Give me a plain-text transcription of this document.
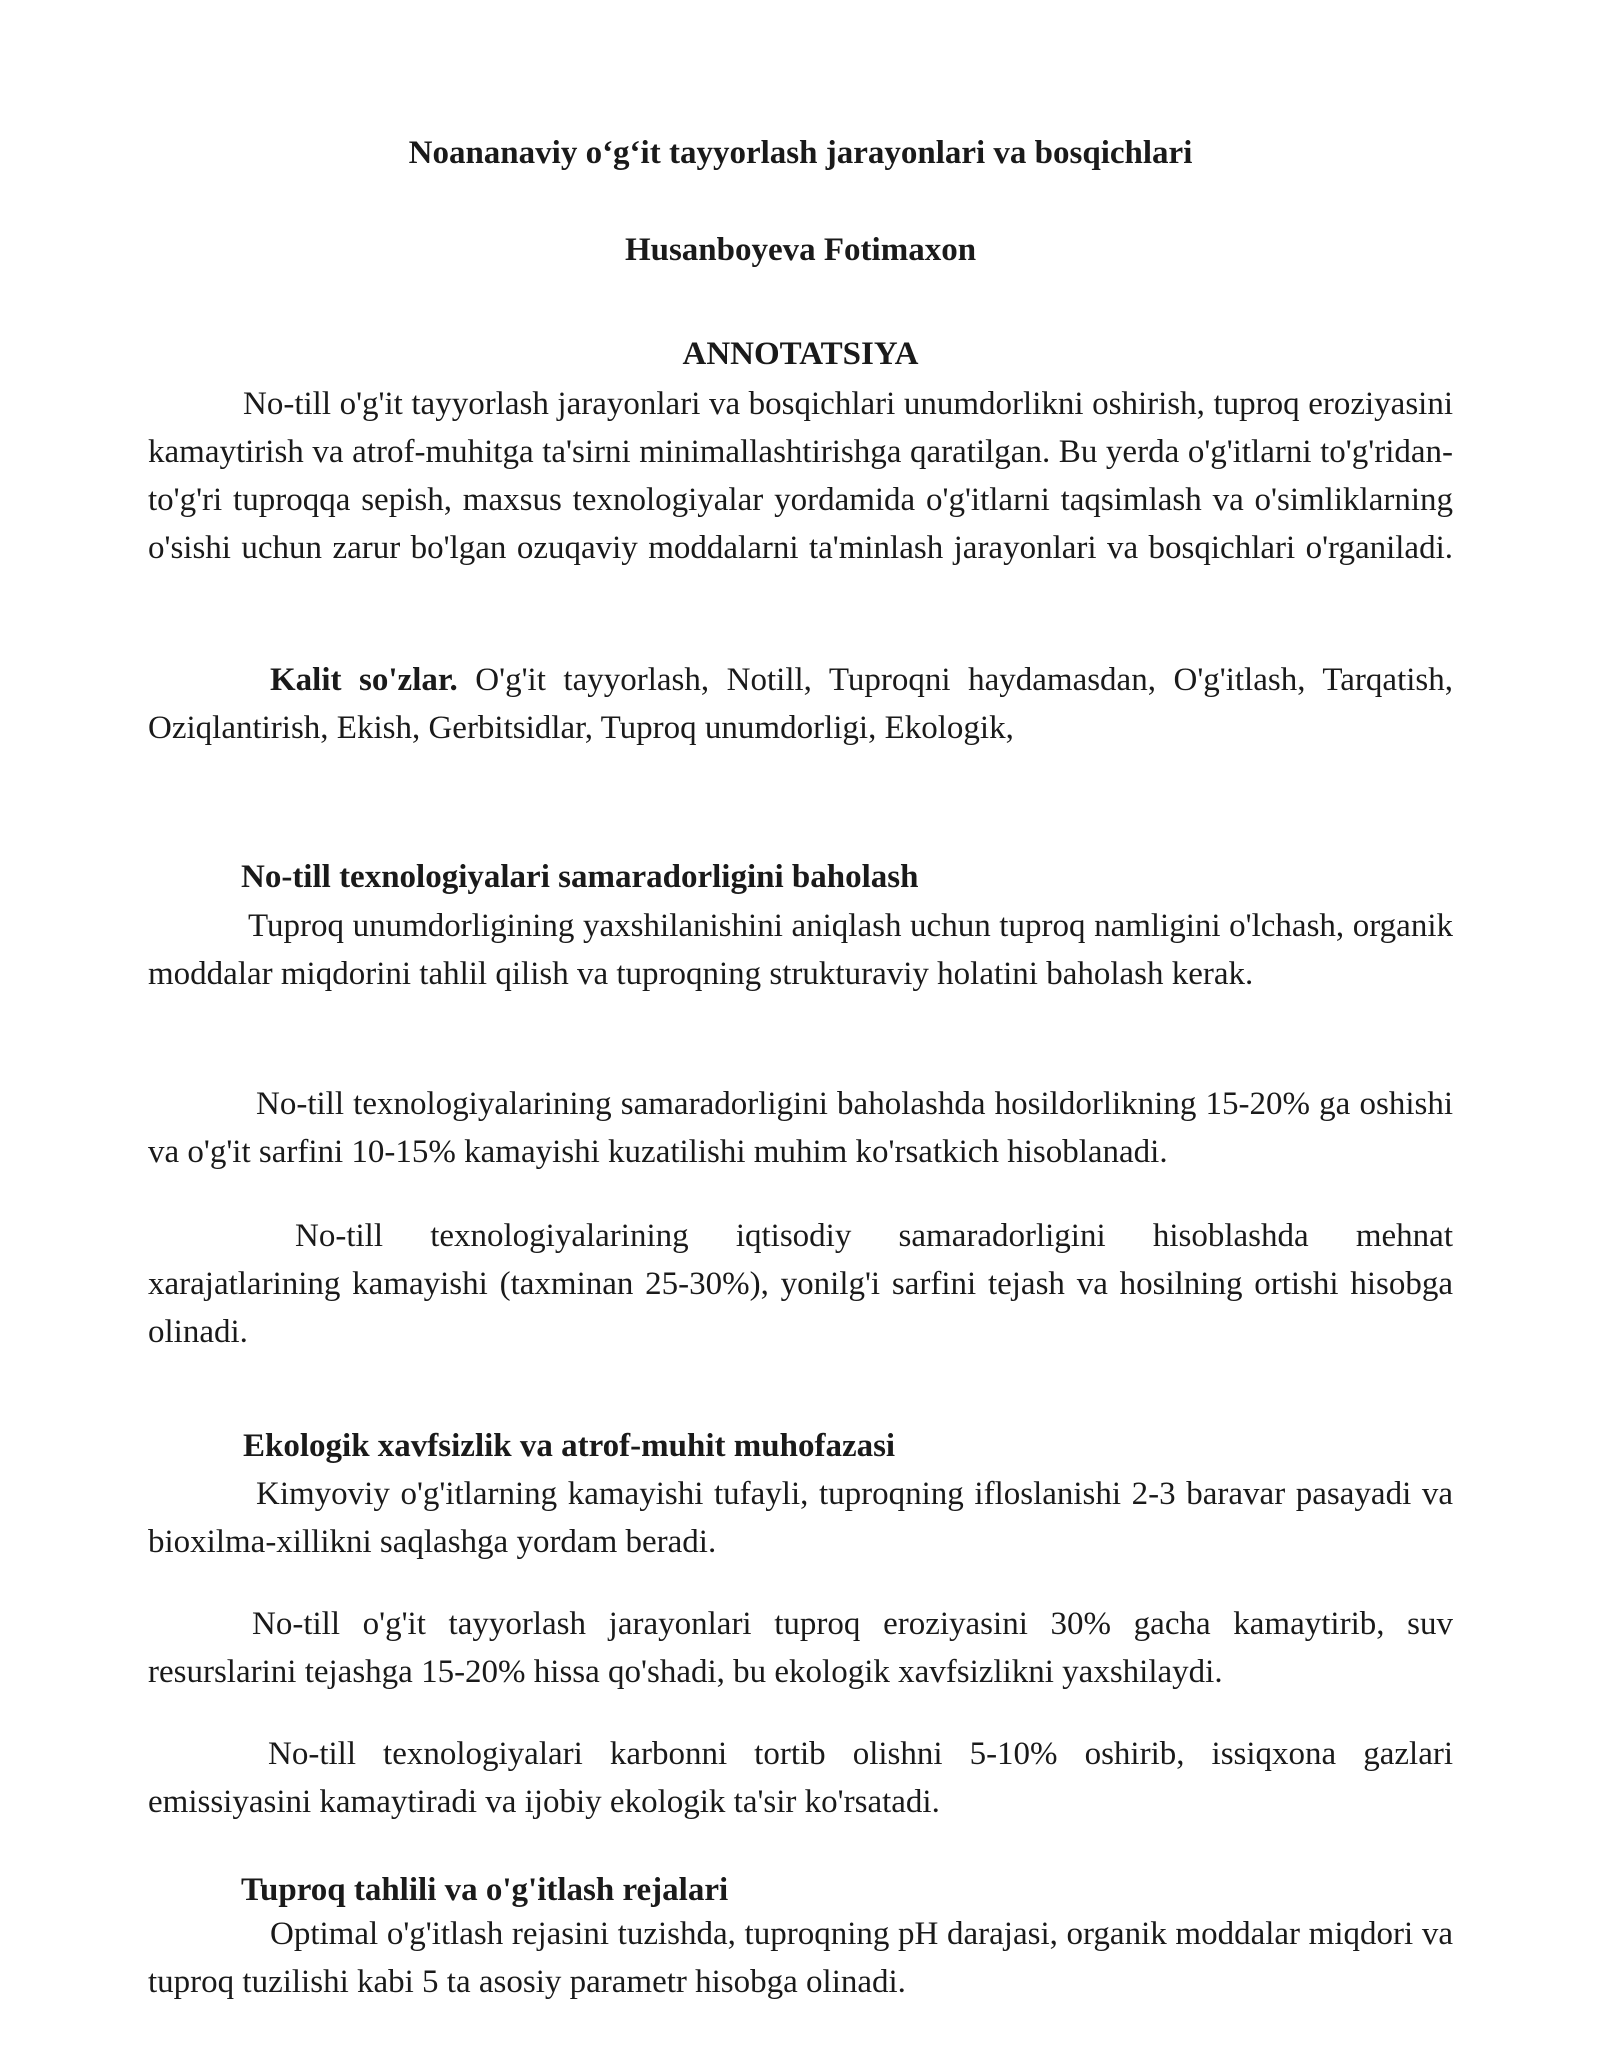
Noananaviy o‘g‘it tayyorlash jarayonlari va bosqichlari

Husanboyeva Fotimaxon

ANNOTATSIYA

No-till o'g'it tayyorlash jarayonlari va bosqichlari unumdorlikni oshirish, tuproq eroziyasini kamaytirish va atrof-muhitga ta'sirni minimallashtirishga qaratilgan. Bu yerda o'g'itlarni to'g'ridan-to'g'ri tuproqqa sepish, maxsus texnologiyalar yordamida o'g'itlarni taqsimlash va o'simliklarning o'sishi uchun zarur bo'lgan ozuqaviy moddalarni ta'minlash jarayonlari va bosqichlari o'rganiladi.

Kalit so'zlar. O'g'it tayyorlash, Notill, Tuproqni haydamasdan, O'g'itlash, Tarqatish, Oziqlantirish, Ekish, Gerbitsidlar, Tuproq unumdorligi, Ekologik,

No-till texnologiyalari samaradorligini baholash

Tuproq unumdorligining yaxshilanishini aniqlash uchun tuproq namligini o'lchash, organik moddalar miqdorini tahlil qilish va tuproqning strukturaviy holatini baholash kerak.

No-till texnologiyalarining samaradorligini baholashda hosildorlikning 15-20% ga oshishi va o'g'it sarfini 10-15% kamayishi kuzatilishi muhim ko'rsatkich hisoblanadi.

No-till texnologiyalarining iqtisodiy samaradorligini hisoblashda mehnat xarajatlarining kamayishi (taxminan 25-30%), yonilg'i sarfini tejash va hosilning ortishi hisobga olinadi.

Ekologik xavfsizlik va atrof-muhit muhofazasi

Kimyoviy o'g'itlarning kamayishi tufayli, tuproqning ifloslanishi 2-3 baravar pasayadi va bioxilma-xillikni saqlashga yordam beradi.

No-till o'g'it tayyorlash jarayonlari tuproq eroziyasini 30% gacha kamaytirib, suv resurslarini tejashga 15-20% hissa qo'shadi, bu ekologik xavfsizlikni yaxshilaydi.

No-till texnologiyalari karbonni tortib olishni 5-10% oshirib, issiqxona gazlari emissiyasini kamaytiradi va ijobiy ekologik ta'sir ko'rsatadi.

Tuproq tahlili va o'g'itlash rejalari

Optimal o'g'itlash rejasini tuzishda, tuproqning pH darajasi, organik moddalar miqdori va tuproq tuzilishi kabi 5 ta asosiy parametr hisobga olinadi.
